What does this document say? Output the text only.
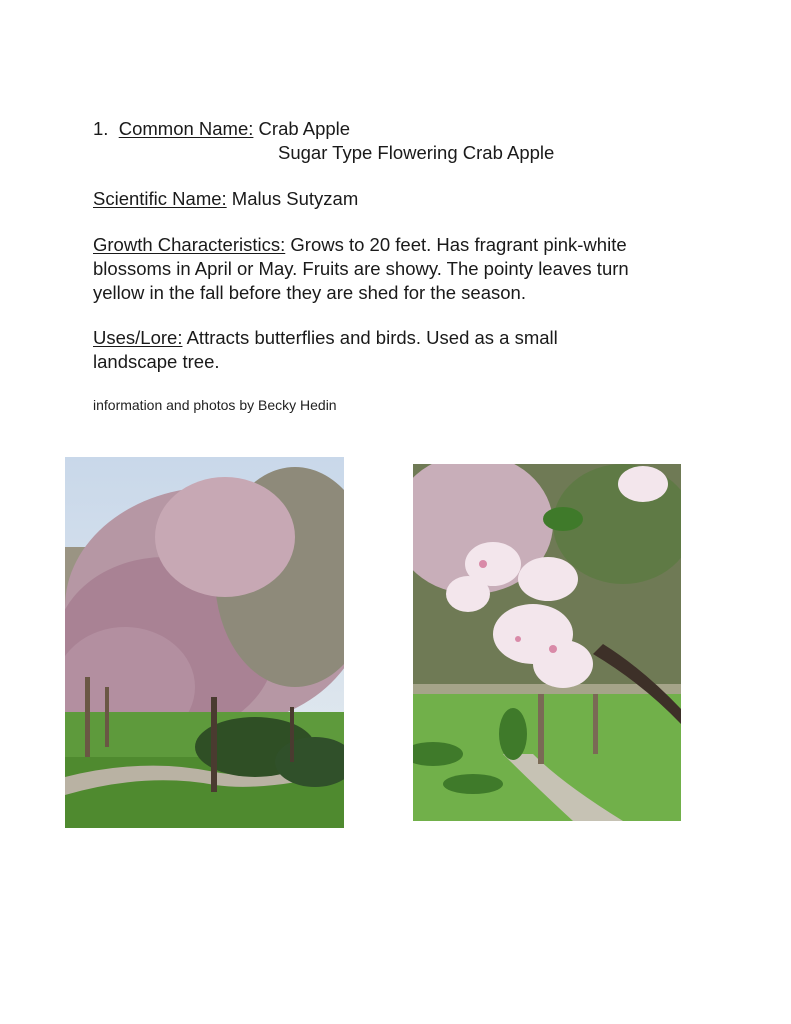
1. Common Name: Crab Apple
Sugar Type Flowering Crab Apple
Scientific Name: Malus Sutyzam
Growth Characteristics: Grows to 20 feet. Has fragrant pink-white
blossoms in April or May. Fruits are showy. The pointy leaves turn
yellow in the fall before they are shed for the season.
Uses/Lore: Attracts butterflies and birds. Used as a small
landscape tree.
information and photos by Becky Hedin
